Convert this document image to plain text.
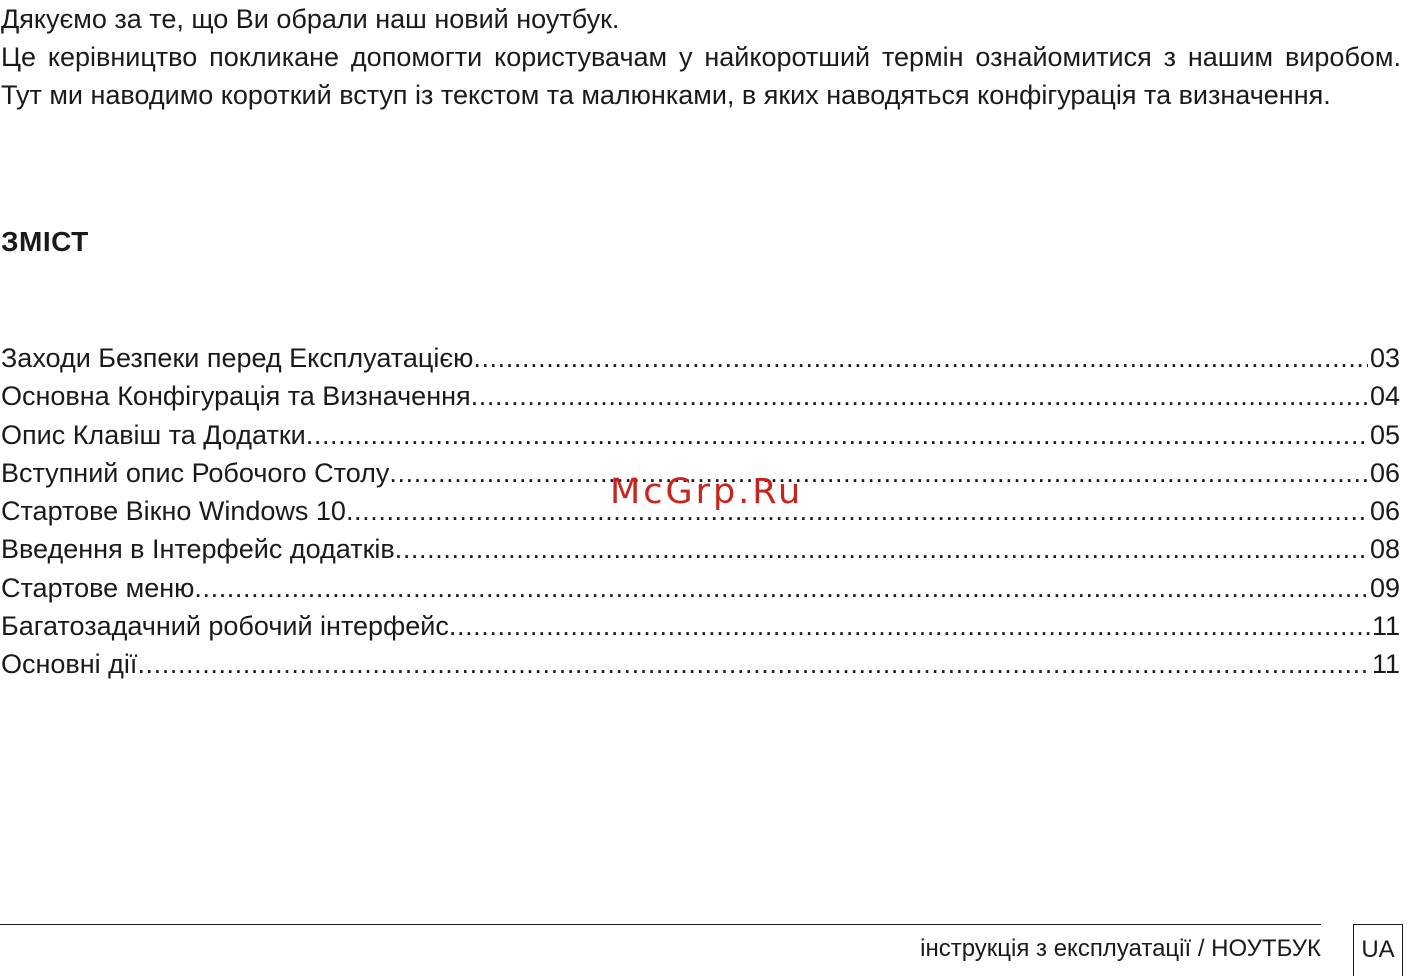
Дякуємо за те, що Ви обрали наш новий ноутбук.

Це керівництво покликане допомогти користувачам у найкоротший термін ознайомитися з нашим виробом. Тут ми наводимо короткий вступ із текстом та малюнками, в яких наводяться конфігурація та визначення.

ЗМІСТ
Заходи Безпеки перед Експлуатацією .....	03
Основна Конфігурація та Визначення .....	04
Опис Клавіш та Додатки .....	05
Вступний опис Робочого Столу .....	06
Стартове Вікно Windows 10 .....	06
Введення в Інтерфейс додатків .....	08
Стартове меню .....	09
Багатозадачний робочий інтерфейс .....	11
Основні дії .....	11
McGrp.Ru
інструкція з експлуатації / НОУТБУК	UA
